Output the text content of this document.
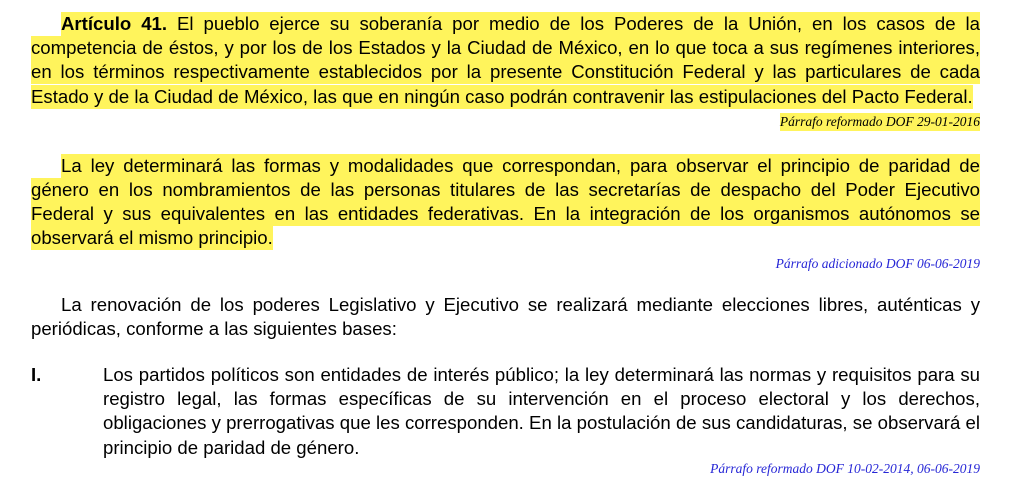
Artículo 41. El pueblo ejerce su soberanía por medio de los Poderes de la Unión, en los casos de la competencia de éstos, y por los de los Estados y la Ciudad de México, en lo que toca a sus regímenes interiores, en los términos respectivamente establecidos por la presente Constitución Federal y las particulares de cada Estado y de la Ciudad de México, las que en ningún caso podrán contravenir las estipulaciones del Pacto Federal.

Párrafo reformado DOF 29-01-2016

La ley determinará las formas y modalidades que correspondan, para observar el principio de paridad de género en los nombramientos de las personas titulares de las secretarías de despacho del Poder Ejecutivo Federal y sus equivalentes en las entidades federativas. En la integración de los organismos autónomos se observará el mismo principio.

Párrafo adicionado DOF 06-06-2019

La renovación de los poderes Legislativo y Ejecutivo se realizará mediante elecciones libres, auténticas y periódicas, conforme a las siguientes bases:

I.	Los partidos políticos son entidades de interés público; la ley determinará las normas y requisitos para su registro legal, las formas específicas de su intervención en el proceso electoral y los derechos, obligaciones y prerrogativas que les corresponden. En la postulación de sus candidaturas, se observará el principio de paridad de género.

Párrafo reformado DOF 10-02-2014, 06-06-2019
